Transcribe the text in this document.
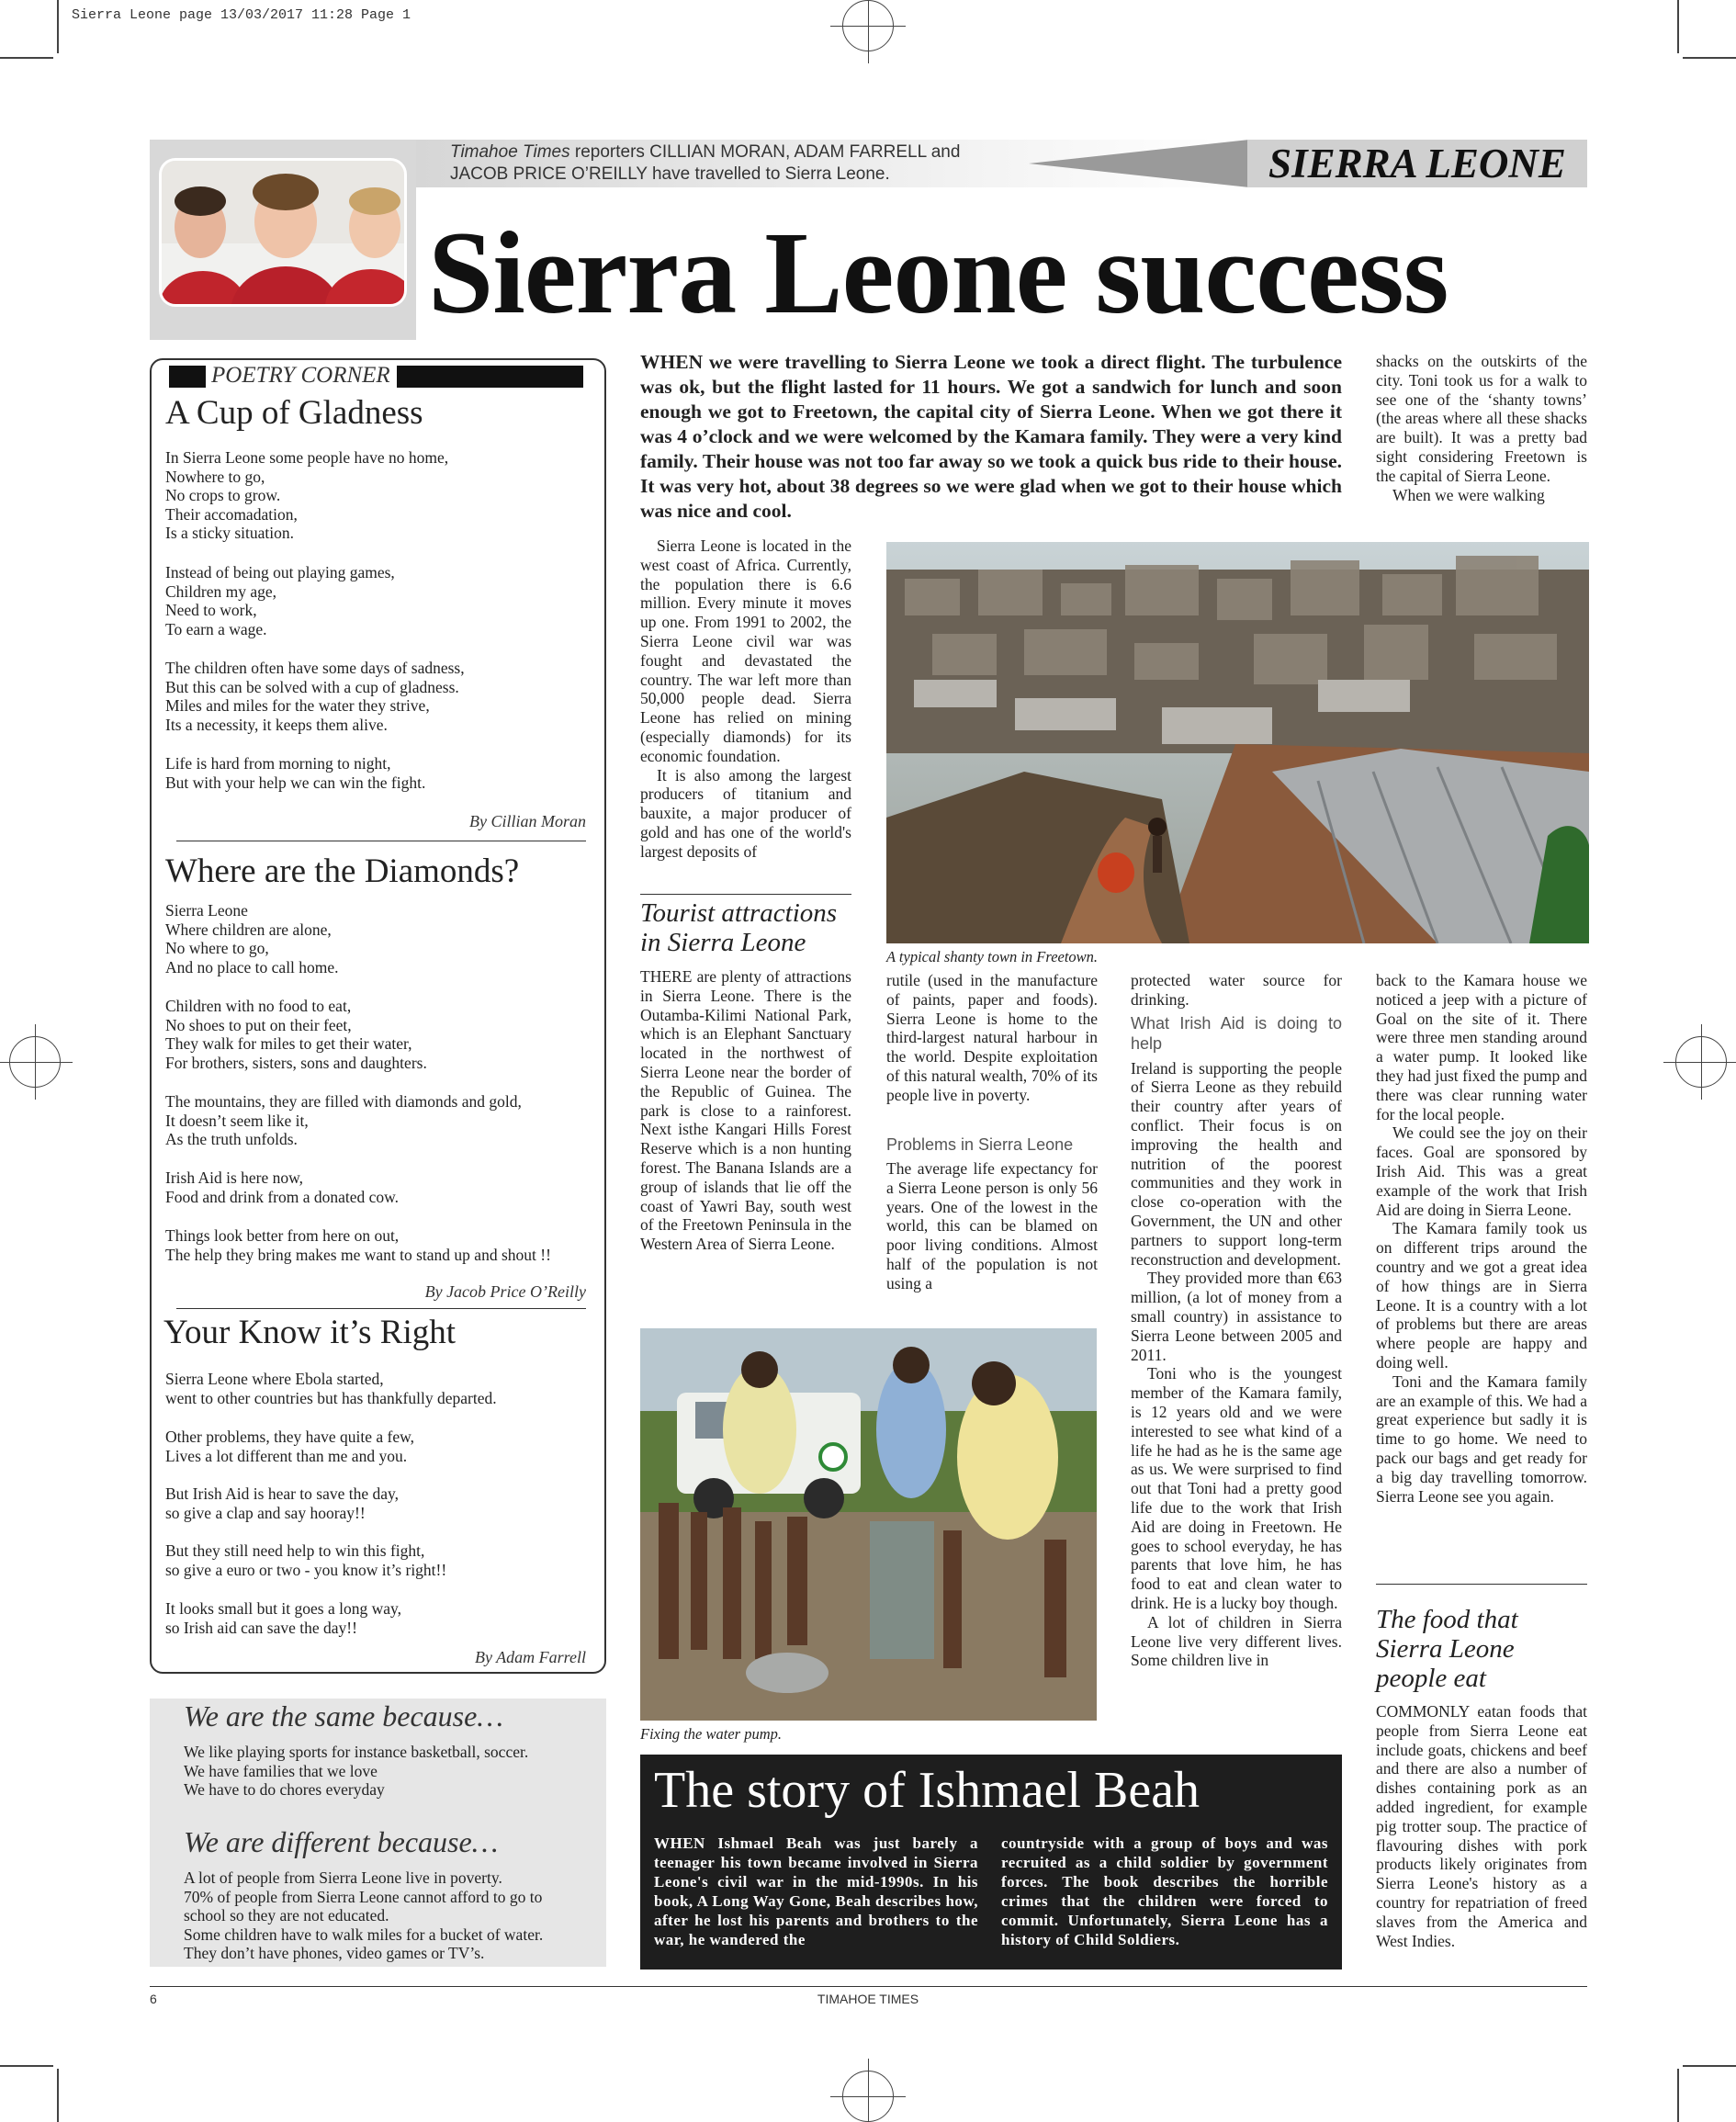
Sierra Leone page 13/03/2017 11:28 Page 1
Timahoe Times reporters CILLIAN MORAN, ADAM FARRELL and JACOB PRICE O’REILLY have travelled to Sierra Leone.	SIERRA LEONE
Sierra Leone success
POETRY CORNER
A Cup of Gladness
In Sierra Leone some people have no home,
Nowhere to go,
No crops to grow.
Their accomadation,
Is a sticky situation.
Instead of being out playing games,
Children my age,
Need to work,
To earn a wage.
The children often have some days of sadness,
But this can be solved with a cup of gladness.
Miles and miles for the water they strive,
Its a necessity, it keeps them alive.
Life is hard from morning to night,
But with your help we can win the fight.
By Cillian Moran
Where are the Diamonds?
Sierra Leone
Where children are alone,
No where to go,
And no place to call home.
Children with no food to eat,
No shoes to put on their feet,
They walk for miles to get their water,
For brothers, sisters, sons and daughters.
The mountains, they are filled with diamonds and gold,
It doesn’t seem like it,
As the truth unfolds.
Irish Aid is here now,
Food and drink from a donated cow.
Things look better from here on out,
The help they bring makes me want to stand up and shout !!
By Jacob Price O’Reilly
Your Know it’s Right
Sierra Leone where Ebola started,
went to other countries but has thankfully departed.
Other problems, they have quite a few,
Lives a lot different than me and you.
But Irish Aid is hear to save the day,
so give a clap and say hooray!!
But they still need help to win this fight,
so give a euro or two - you know it’s right!!
It looks small but it goes a long way,
so Irish aid can save the day!!
By Adam Farrell
We are the same because…
We like playing sports for instance basketball, soccer.
We have families that we love
We have to do chores everyday
We are different because…
A lot of people from Sierra Leone live in poverty.
70% of people from Sierra Leone cannot afford to go to
school so they are not educated.
Some children have to walk miles for a bucket of water.
They don’t have phones, video games or TV’s.
WHEN we were travelling to Sierra Leone we took a direct flight. The turbulence was ok, but the flight lasted for 11 hours. We got a sandwich for lunch and soon enough we got to Freetown, the capital city of Sierra Leone. When we got there it was 4 o’clock and we were welcomed by the Kamara family. They were a very kind family. Their house was not too far away so we took a quick bus ride to their house. It was very hot, about 38 degrees so we were glad when we got to their house which was nice and cool.

shacks on the outskirts of the city. Toni took us for a walk to see one of the ‘shanty towns’ (the areas where all these shacks are built). It was a pretty bad sight considering Freetown is the capital of Sierra Leone.

When we were walking

Sierra Leone is located in the west coast of Africa. Currently, the population there is 6.6 million. Every minute it moves up one. From 1991 to 2002, the Sierra Leone civil war was fought and devastated the country. The war left more than 50,000 people dead. Sierra Leone has relied on mining (especially diamonds) for its economic foundation.

It is also among the largest producers of titanium and bauxite, a major producer of gold and has one of the world's largest deposits of

Tourist attractions in Sierra Leone
THERE are plenty of attractions in Sierra Leone. There is the Outamba-Kilimi National Park, which is an Elephant Sanctuary located in the northwest of Sierra Leone near the border of the Republic of Guinea. The park is close to a rainforest. Next isthe Kangari Hills Forest Reserve which is a non hunting forest. The Banana Islands are a group of islands that lie off the coast of Yawri Bay, south west of the Freetown Peninsula in the Western Area of Sierra Leone.
A typical shanty town in Freetown.

rutile (used in the manufacture of paints, paper and foods). Sierra Leone is home to the third-largest natural harbour in the world. Despite exploitation of this natural wealth, 70% of its people live in poverty.

Problems in Sierra Leone
The average life expectancy for a Sierra Leone person is only 56 years. One of the lowest in the world, this can be blamed on poor living conditions. Almost half of the population is not using a

protected water source for drinking.

What Irish Aid is doing to help

Ireland is supporting the people of Sierra Leone as they rebuild their country after years of conflict. Their focus is on improving the health and nutrition of the poorest communities and they work in close co-operation with the Government, the UN and other partners to support long-term reconstruction and development.

They provided more than €63 million, (a lot of money from a small country) in assistance to Sierra Leone between 2005 and 2011.

Toni who is the youngest member of the Kamara family, is 12 years old and we were interested to see what kind of a life he had as he is the same age as us. We were surprised to find out that Toni had a pretty good life due to the work that Irish Aid are doing in Freetown. He goes to school everyday, he has parents that love him, he has food to eat and clean water to drink. He is a lucky boy though.

A lot of children in Sierra Leone live very different lives. Some children live in

back to the Kamara house we noticed a jeep with a picture of Goal on the site of it. There were three men standing around a water pump. It looked like they had just fixed the pump and there was clear running water for the local people.

We could see the joy on their faces. Goal are sponsored by Irish Aid. This was a great example of the work that Irish Aid are doing in Sierra Leone.

The Kamara family took us on different trips around the country and we got a great idea of how things are in Sierra Leone. It is a country with a lot of problems but there are areas where people are happy and doing well.

Toni and the Kamara family are an example of this. We had a great experience but sadly it is time to go home. We need to pack our bags and get ready for a big day travelling tomorrow. Sierra Leone see you again.

The food that Sierra Leone people eat
COMMONLY eatan foods that people from Sierra Leone eat include goats, chickens and beef and there are also a number of dishes containing pork as an added ingredient, for example pig trotter soup. The practice of flavouring dishes with pork products likely originates from Sierra Leone's history as a country for repatriation of freed slaves from the America and West Indies.
Fixing the water pump.
The story of Ishmael Beah
WHEN Ishmael Beah was just barely a teenager his town became involved in Sierra Leone's civil war in the mid-1990s. In his book, A Long Way Gone, Beah describes how, after he lost his parents and brothers to the war, he wandered the
countryside with a group of boys and was recruited as a child soldier by government forces. The book describes the horrible crimes that the children were forced to commit. Unfortunately, Sierra Leone has a history of Child Soldiers.
6	TIMAHOE TIMES
